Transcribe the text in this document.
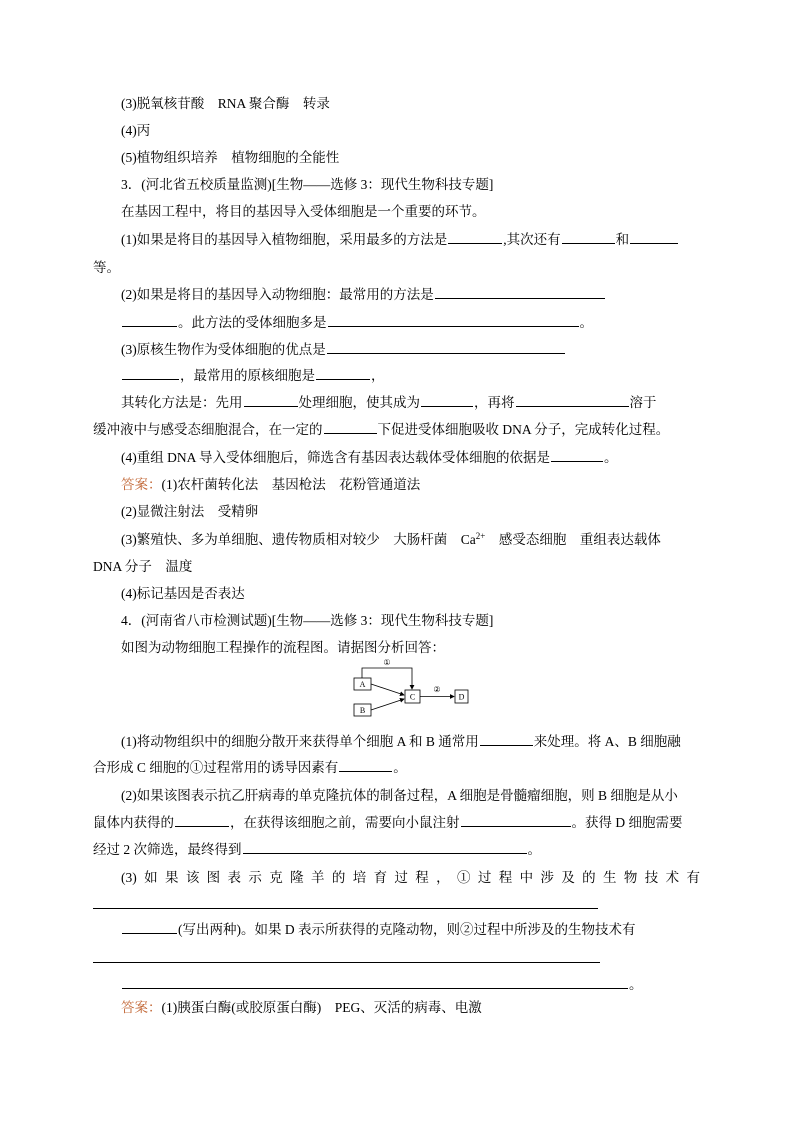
(3)脱氧核苷酸　RNA 聚合酶　转录
(4)丙
(5)植物组织培养　植物细胞的全能性
3．(河北省五校质量监测)[生物——选修 3：现代生物科技专题]
在基因工程中，将目的基因导入受体细胞是一个重要的环节。
(1)如果是将目的基因导入植物细胞，采用最多的方法是	,其次还有	和
等。
(2)如果是将目的基因导入动物细胞：最常用的方法是
。此方法的受体细胞多是	。
(3)原核生物作为受体细胞的优点是
，最常用的原核细胞是	，
其转化方法是：先用	处理细胞，使其成为	，再将	溶于
缓冲液中与感受态细胞混合，在一定的	下促进受体细胞吸收 DNA 分子，完成转化过程。
(4)重组 DNA 导入受体细胞后，筛选含有基因表达载体受体细胞的依据是	。
答案：(1)农杆菌转化法　基因枪法　花粉管通道法
(2)显微注射法　受精卵
(3)繁殖快、多为单细胞、遗传物质相对较少　大肠杆菌　$Ca^{2+}$　感受态细胞　重组表达载体
DNA 分子　温度
(4)标记基因是否表达
4．(河南省八市检测试题)[生物——选修 3：现代生物科技专题]
如图为动物细胞工程操作的流程图。请据图分析回答：
①
A
B
C	D
②
(1)将动物组织中的细胞分散开来获得单个细胞 A 和 B 通常用	来处理。将 A、B 细胞融
合形成 C 细胞的①过程常用的诱导因素有	。
(2)如果该图表示抗乙肝病毒的单克隆抗体的制备过程，A 细胞是骨髓瘤细胞，则 B 细胞是从小
鼠体内获得的	，在获得该细胞之前，需要向小鼠注射	。获得 D 细胞需要
经过 2 次筛选，最终得到	。
(3)如果该图表示克隆羊的培育过程，①过程中涉及的生物技术有
(写出两种)。如果 D 表示所获得的克隆动物，则②过程中所涉及的生物技术有
。
答案：(1)胰蛋白酶(或胶原蛋白酶)　PEG、灭活的病毒、电激
